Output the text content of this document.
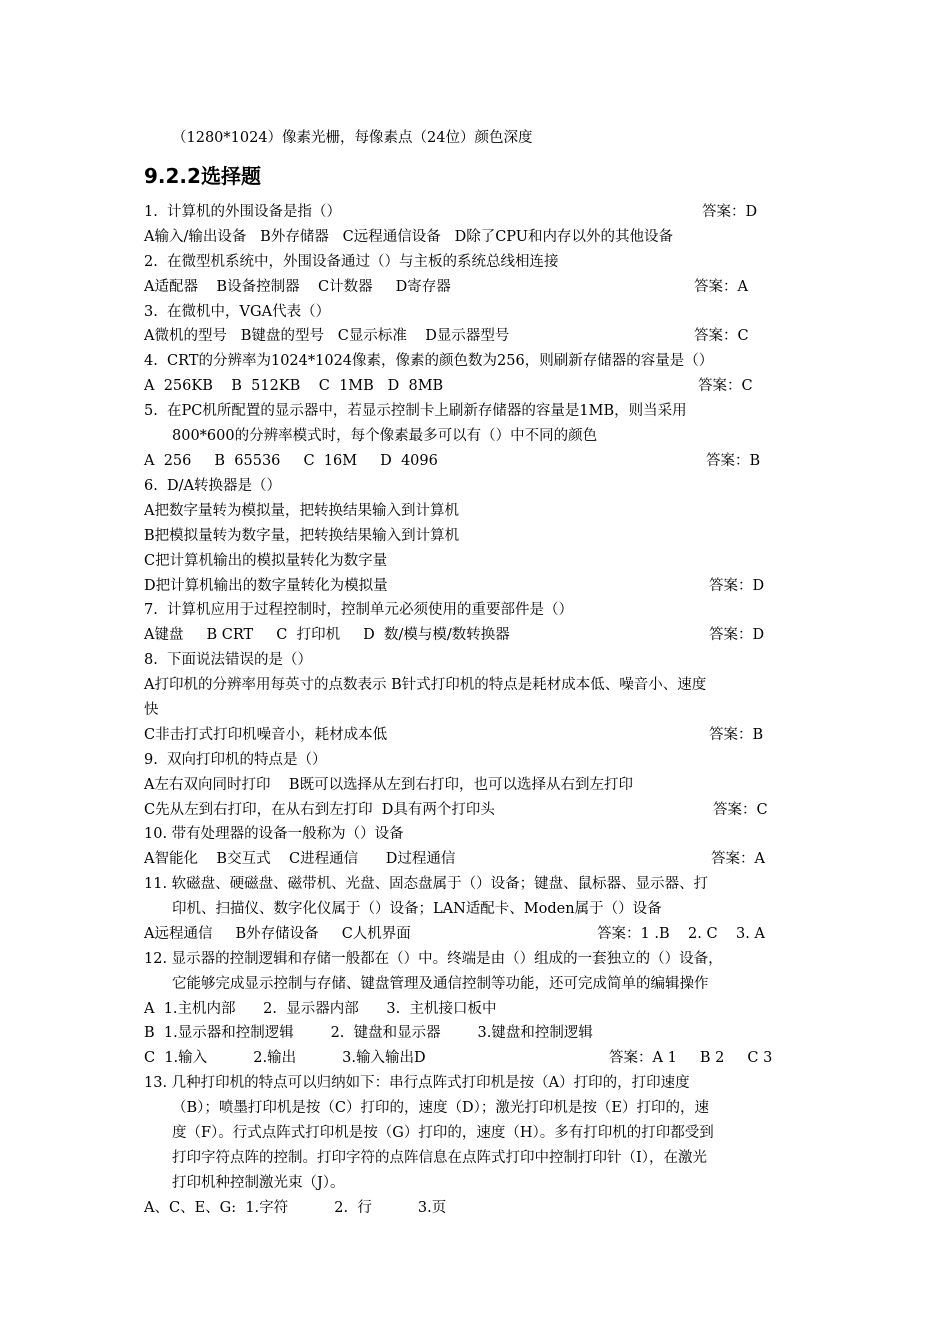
（1280*1024）像素光栅，每像素点（24位）颜色深度
9.2.2选择题
1.  计算机的外围设备是指（）	答案：D
A输入/输出设备   B外存储器   C远程通信设备   D除了CPU和内存以外的其他设备
2.  在微型机系统中，外围设备通过（）与主板的系统总线相连接
A适配器    B设备控制器    C计数器     D寄存器	答案：A
3.  在微机中，VGA代表（）
A微机的型号   B键盘的型号   C显示标准    D显示器型号	答案：C
4.  CRT的分辨率为1024*1024像素，像素的颜色数为256，则刷新存储器的容量是（）
A  256KB    B  512KB    C  1MB   D  8MB	答案：C
5.  在PC机所配置的显示器中，若显示控制卡上刷新存储器的容量是1MB，则当采用
800*600的分辨率模式时，每个像素最多可以有（）中不同的颜色
A  256     B  65536     C  16M     D  4096	答案：B
6.  D/A转换器是（）
A把数字量转为模拟量，把转换结果输入到计算机
B把模拟量转为数字量，把转换结果输入到计算机
C把计算机输出的模拟量转化为数字量
D把计算机输出的数字量转化为模拟量	答案：D
7.  计算机应用于过程控制时，控制单元必须使用的重要部件是（）
A键盘     B CRT     C  打印机     D  数/模与模/数转换器	答案：D
8.  下面说法错误的是（）
A打印机的分辨率用每英寸的点数表示 B针式打印机的特点是耗材成本低、噪音小、速度
快
C非击打式打印机噪音小，耗材成本低	答案：B
9.  双向打印机的特点是（）
A左右双向同时打印    B既可以选择从左到右打印，也可以选择从右到左打印
C先从左到右打印，在从右到左打印  D具有两个打印头	答案：C
10. 带有处理器的设备一般称为（）设备
A智能化    B交互式    C进程通信      D过程通信	答案：A
11. 软磁盘、硬磁盘、磁带机、光盘、固态盘属于（）设备；键盘、鼠标器、显示器、打
印机、扫描仪、数字化仪属于（）设备；LAN适配卡、Moden属于（）设备
A远程通信     B外存储设备     C人机界面	答案：1 .B    2. C    3. A
12. 显示器的控制逻辑和存储一般都在（）中。终端是由（）组成的一套独立的（）设备，
它能够完成显示控制与存储、键盘管理及通信控制等功能，还可完成简单的编辑操作
A  1.主机内部      2.  显示器内部      3.  主机接口板中
B  1.显示器和控制逻辑        2.  键盘和显示器        3.键盘和控制逻辑
C  1.输入          2.输出          3.输入输出D	答案：A 1     B 2     C 3
13. 几种打印机的特点可以归纳如下：串行点阵式打印机是按（A）打印的，打印速度
（B）；喷墨打印机是按（C）打印的，速度（D）；激光打印机是按（E）打印的，速
度（F）。行式点阵式打印机是按（G）打印的，速度（H）。多有打印机的打印都受到
打印字符点阵的控制。打印字符的点阵信息在点阵式打印中控制打印针（I），在激光
打印机种控制激光束（J）。
A、C、E、G:  1.字符          2.  行          3.页
